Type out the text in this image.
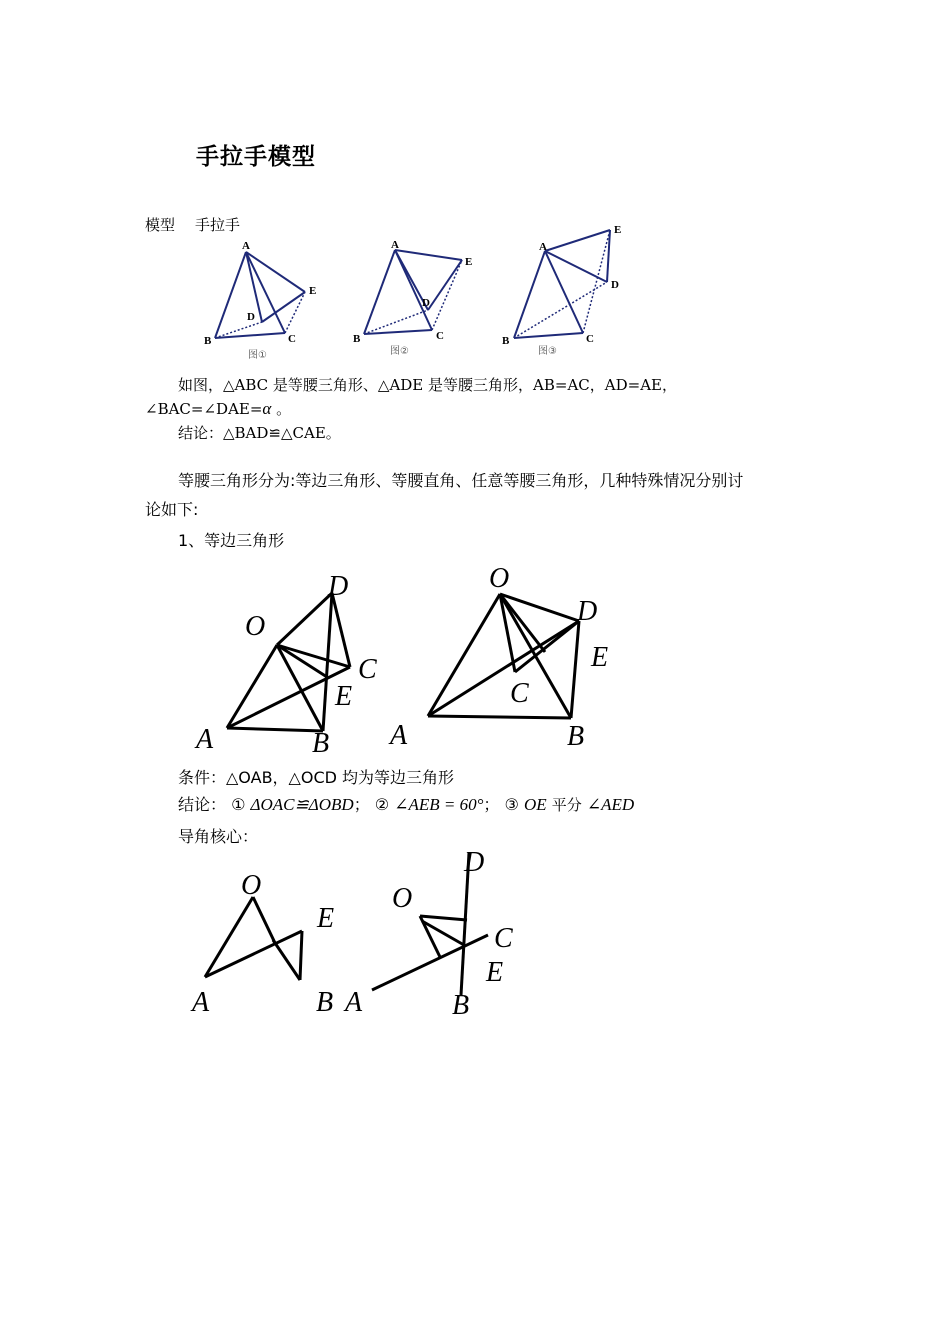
手拉手模型
模型 手拉手
A
B	C
D
E
图①
A
B	C
D
E
图②
A
B	C
D
E
图③
如图，△ABC 是等腰三角形、△ADE 是等腰三角形，AB=AC，AD=AE，
∠BAC=∠DAE=α 。
结论：△BAD≌△CAE。
等腰三角形分为:等边三角形、等腰直角、任意等腰三角形，几种特殊情况分别讨
论如下:
1、等边三角形
O
D
C
E
A	B
O
D
E
C
A	B
条件：△OAB，△OCD 均为等边三角形
结论： ① ΔOAC≌ΔOBD； ② ∠AEB = 60°； ③ OE 平分 ∠AED
导角核心：
O
E
A	B
D
O
C
E
A	B
